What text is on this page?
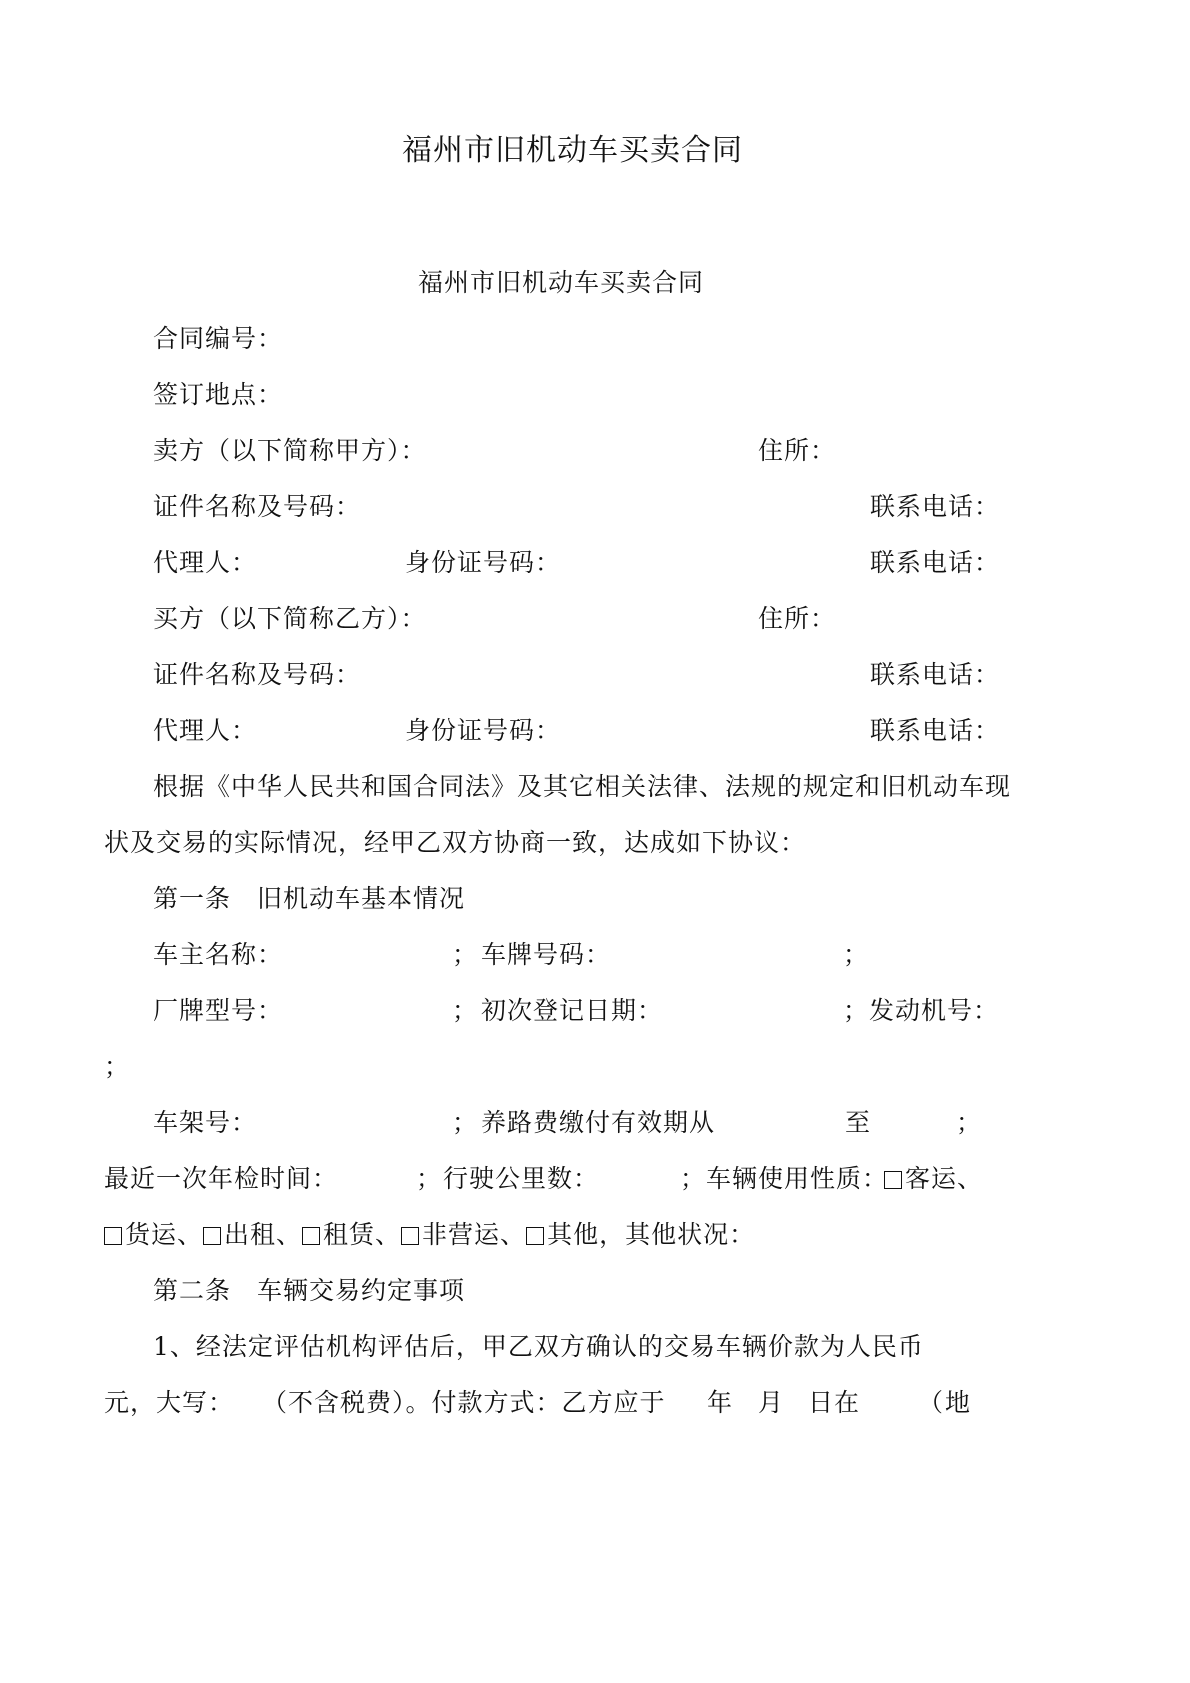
福州市旧机动车买卖合同
福州市旧机动车买卖合同
合同编号：
签订地点：
卖方（以下简称甲方）：	住所：
证件名称及号码：	联系电话：
代理人：	身份证号码：	联系电话：
买方（以下简称乙方）：	住所：
证件名称及号码：	联系电话：
代理人：	身份证号码：	联系电话：
根据《中华人民共和国合同法》及其它相关法律、法规的规定和旧机动车现
状及交易的实际情况，经甲乙双方协商一致，达成如下协议：
第一条　旧机动车基本情况
车主名称：	； 车牌号码：	；
厂牌型号：	； 初次登记日期：	；发动机号：
；
车架号：	； 养路费缴付有效期从	至	；
最近一次年检时间：	； 行驶公里数：	；车辆使用性质： 客运、
货运、 出租、 租赁、 非营运、 其他，其他状况：
第二条　车辆交易约定事项
1、经法定评估机构评估后，甲乙双方确认的交易车辆价款为人民币
元，大写： （不含税费）。付款方式：乙方应于 年 月 日在 （ 地
